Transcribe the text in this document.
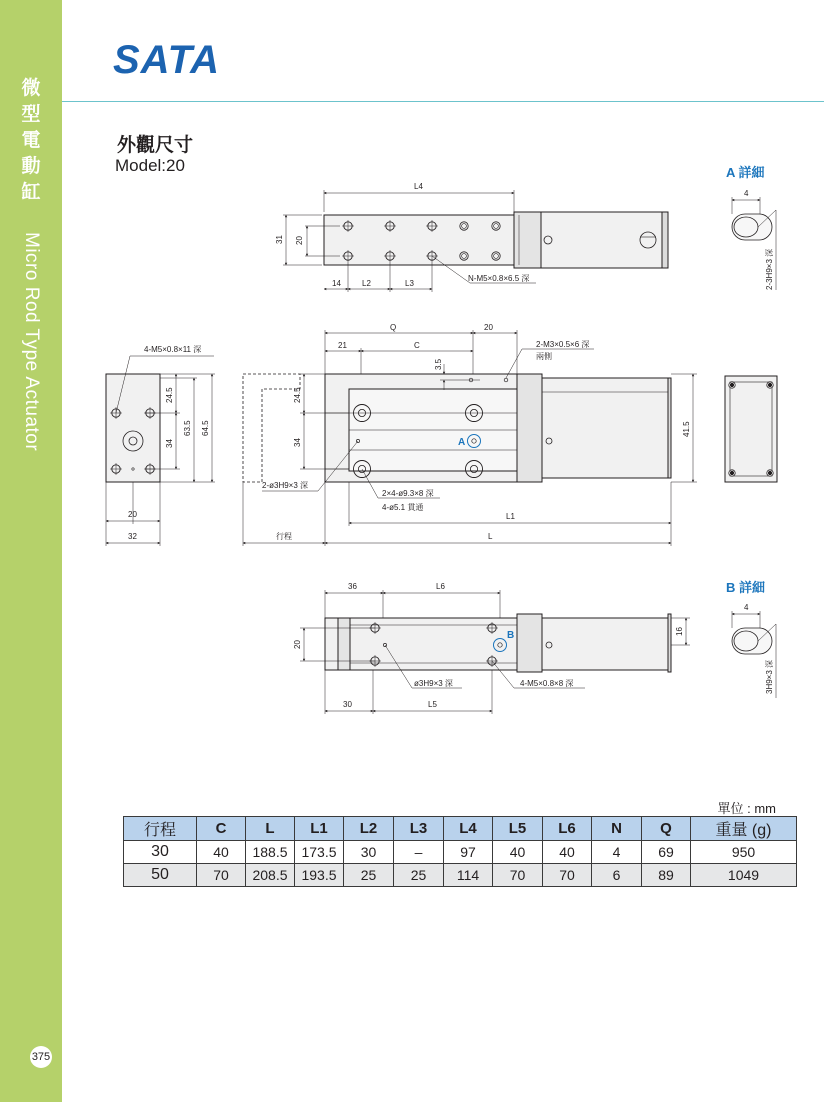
微
型
電
動
缸
Micro Rod Type Actuator
375
SATA
外觀尺寸
Model:20	A 詳細
B 詳細
A
B
L4
31 20
14	L2	L3
N-M5×0.8×6.5 深
Q	20
21	C
3.5
24.5
34
41.5
L1
L
行程
2-M3×0.5×6 深
兩側
2-ø3H9×3 深
2×4-ø9.3×8 深
4-ø5.1 貫通
24.5
34
63.5 64.5
20
32
4-M5×0.8×11 深
4
2-3H9×3 深
36	L6
20
16
30	L5
ø3H9×3 深	4-M5×0.8×8 深
4
3H9×3 深
單位 : mm
行程	C	L	L1	L2	L3	L4	L5	L6	N	Q	重量 (g)
30	40	188.5	173.5	30	–	97	40	40	4	69	950
50	70	208.5	193.5	25	25	114	70	70	6	89	1049
